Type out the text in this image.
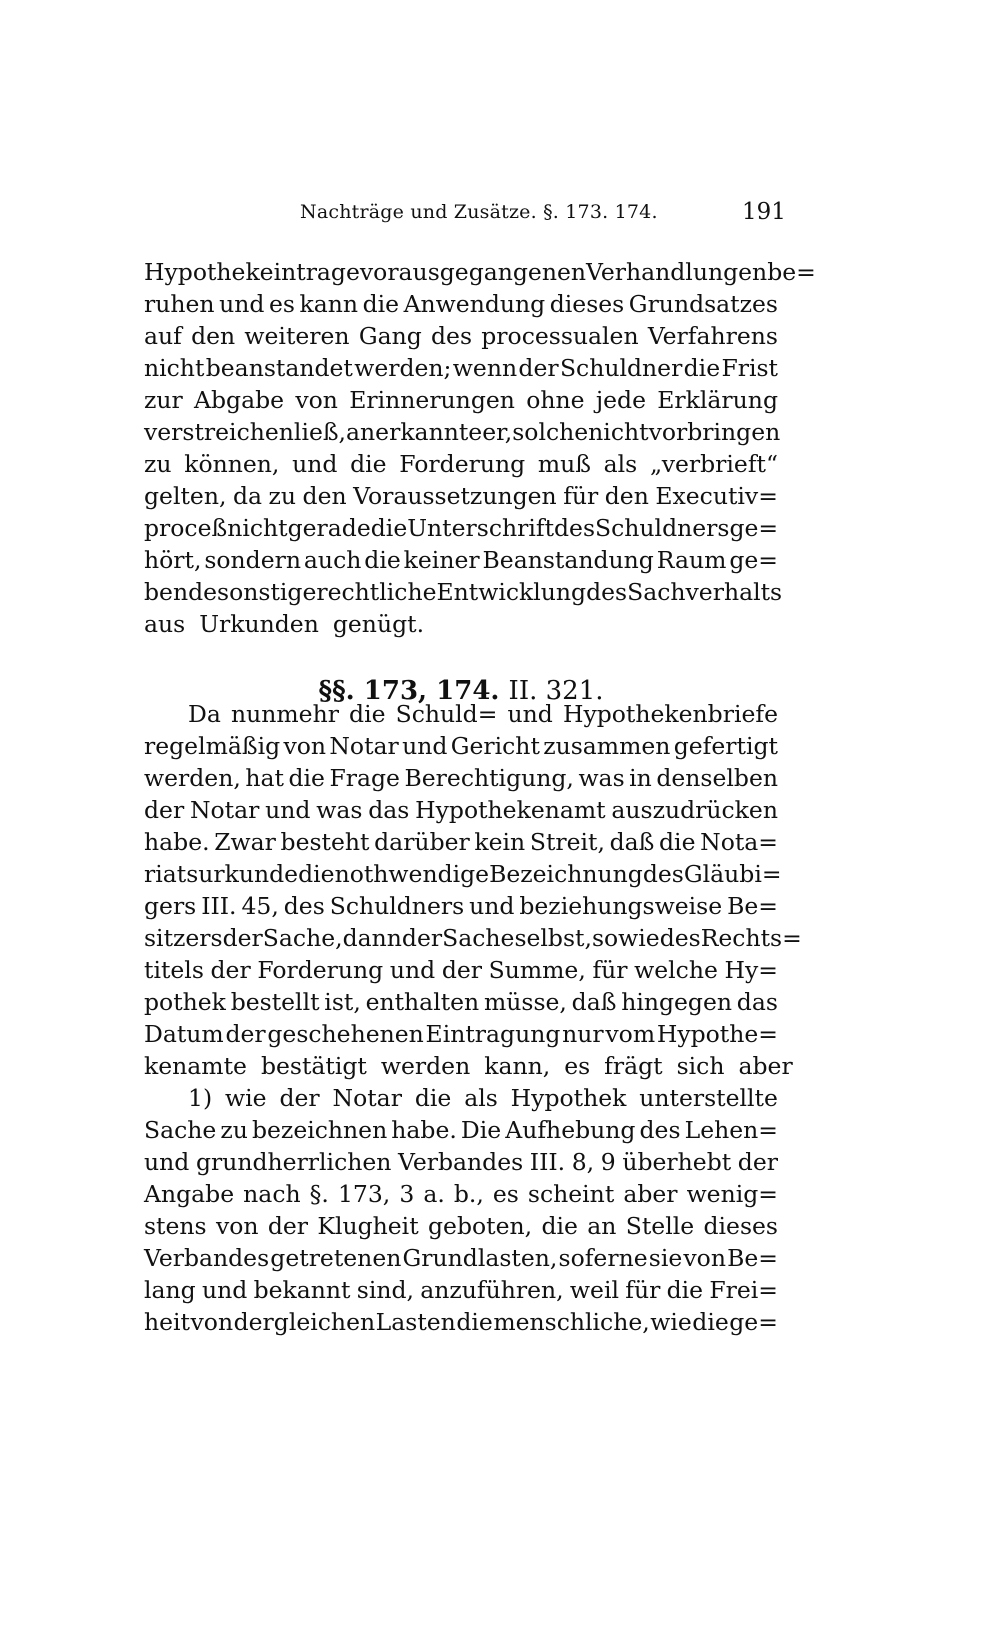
Nachträge und Zusätze. §. 173. 174.	191
Hypothekeintrage vorausgegangenen Verhandlungen be=
ruhen und es kann die Anwendung dieses Grundsatzes
auf den weiteren Gang des processualen Verfahrens
nicht beanstandet werden; wenn der Schuldner die Frist
zur Abgabe von Erinnerungen ohne jede Erklärung
verstreichen ließ, anerkannte er, solche nicht vorbringen
zu können, und die Forderung muß als „verbrieft“
gelten, da zu den Voraussetzungen für den Executiv=
proceß nicht gerade die Unterschrift des Schuldners ge=
hört, sondern auch die keiner Beanstandung Raum ge=
bende sonstige rechtliche Entwicklung des Sachverhalts
aus Urkunden genügt.
§§. 173, 174. II. 321.
Da nunmehr die Schuld= und Hypothekenbriefe
regelmäßig von Notar und Gericht zusammen gefertigt
werden, hat die Frage Berechtigung, was in denselben
der Notar und was das Hypothekenamt auszudrücken
habe. Zwar besteht darüber kein Streit, daß die Nota=
riatsurkunde die nothwendige Bezeichnung des Gläubi=
gers III. 45, des Schuldners und beziehungsweise Be=
sitzers der Sache, dann der Sache selbst, sowie des Rechts=
titels der Forderung und der Summe, für welche Hy=
pothek bestellt ist, enthalten müsse, daß hingegen das
Datum der geschehenen Eintragung nur vom Hypothe=
kenamte bestätigt werden kann, es frägt sich aber
1) wie der Notar die als Hypothek unterstellte
Sache zu bezeichnen habe. Die Aufhebung des Lehen=
und grundherrlichen Verbandes III. 8, 9 überhebt der
Angabe nach §. 173, 3 a. b., es scheint aber wenig=
stens von der Klugheit geboten, die an Stelle dieses
Verbandes getretenen Grundlasten, soferne sie von Be=
lang und bekannt sind, anzuführen, weil für die Frei=
heit von dergleichen Lasten die menschliche, wie die ge=
